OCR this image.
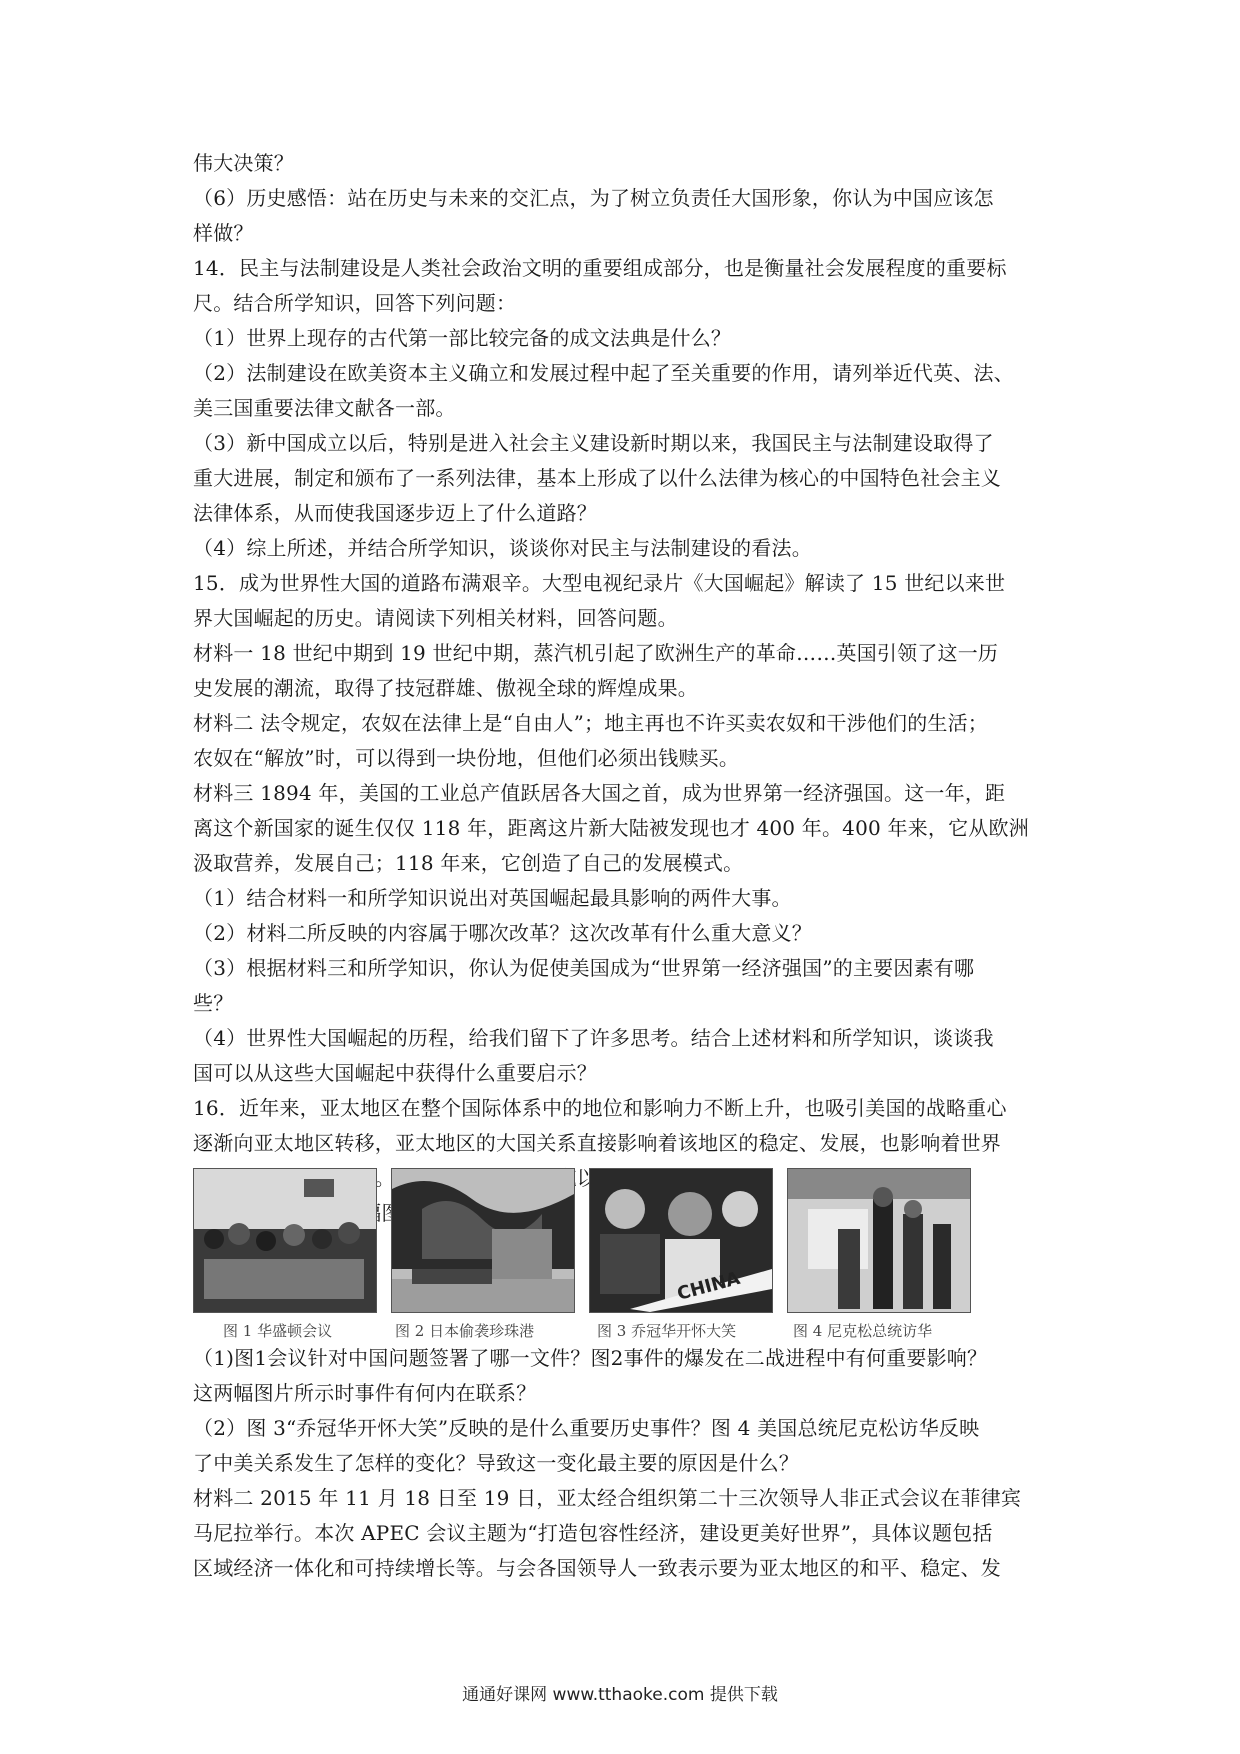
伟大决策？
（6）历史感悟：站在历史与未来的交汇点，为了树立负责任大国形象，你认为中国应该怎
样做？
14．民主与法制建设是人类社会政治文明的重要组成部分，也是衡量社会发展程度的重要标
尺。结合所学知识，回答下列问题：
（1）世界上现存的古代第一部比较完备的成文法典是什么？
（2）法制建设在欧美资本主义确立和发展过程中起了至关重要的作用，请列举近代英、法、
美三国重要法律文献各一部。
（3）新中国成立以后，特别是进入社会主义建设新时期以来，我国民主与法制建设取得了
重大进展，制定和颁布了一系列法律，基本上形成了以什么法律为核心的中国特色社会主义
法律体系，从而使我国逐步迈上了什么道路？
（4）综上所述，并结合所学知识，谈谈你对民主与法制建设的看法。
15．成为世界性大国的道路布满艰辛。大型电视纪录片《大国崛起》解读了 15 世纪以来世
界大国崛起的历史。请阅读下列相关材料，回答问题。
材料一 18 世纪中期到 19 世纪中期，蒸汽机引起了欧洲生产的革命……英国引领了这一历
史发展的潮流，取得了技冠群雄、傲视全球的辉煌成果。
材料二 法令规定，农奴在法律上是“自由人”；地主再也不许买卖农奴和干涉他们的生活；
农奴在“解放”时，可以得到一块份地，但他们必须出钱赎买。
材料三 1894 年，美国的工业总产值跃居各大国之首，成为世界第一经济强国。这一年，距
离这个新国家的诞生仅仅 118 年，距离这片新大陆被发现也才 400 年。400 年来，它从欧洲
汲取营养，发展自己；118 年来，它创造了自己的发展模式。
（1）结合材料一和所学知识说出对英国崛起最具影响的两件大事。
（2）材料二所反映的内容属于哪次改革？这次改革有什么重大意义？
（3）根据材料三和所学知识，你认为促使美国成为“世界第一经济强国”的主要因素有哪
些？
（4）世界性大国崛起的历程，给我们留下了许多思考。结合上述材料和所学知识，谈谈我
国可以从这些大国崛起中获得什么重要启示？
16．近年来，亚太地区在整个国际体系中的地位和影响力不断上升，也吸引美国的战略重心
逐渐向亚太地区转移，亚太地区的大国关系直接影响着该地区的稳定、发展，也影响着世界
CHINA
图 1 华盛顿会议	图 2 日本偷袭珍珠港	图 3 乔冠华开怀大笑	图 4 尼克松总统访华
（1)图1会议针对中国问题签署了哪一文件？图2事件的爆发在二战进程中有何重要影响？
这两幅图片所示时事件有何内在联系？
（2）图 3“乔冠华开怀大笑”反映的是什么重要历史事件？图 4 美国总统尼克松访华反映
了中美关系发生了怎样的变化？导致这一变化最主要的原因是什么？
材料二 2015 年 11 月 18 日至 19 日，亚太经合组织第二十三次领导人非正式会议在菲律宾
马尼拉举行。本次 APEC 会议主题为“打造包容性经济，建设更美好世界”，具体议题包括
区域经济一体化和可持续增长等。与会各国领导人一致表示要为亚太地区的和平、稳定、发
通通好课网 www.tthaoke.com 提供下载
